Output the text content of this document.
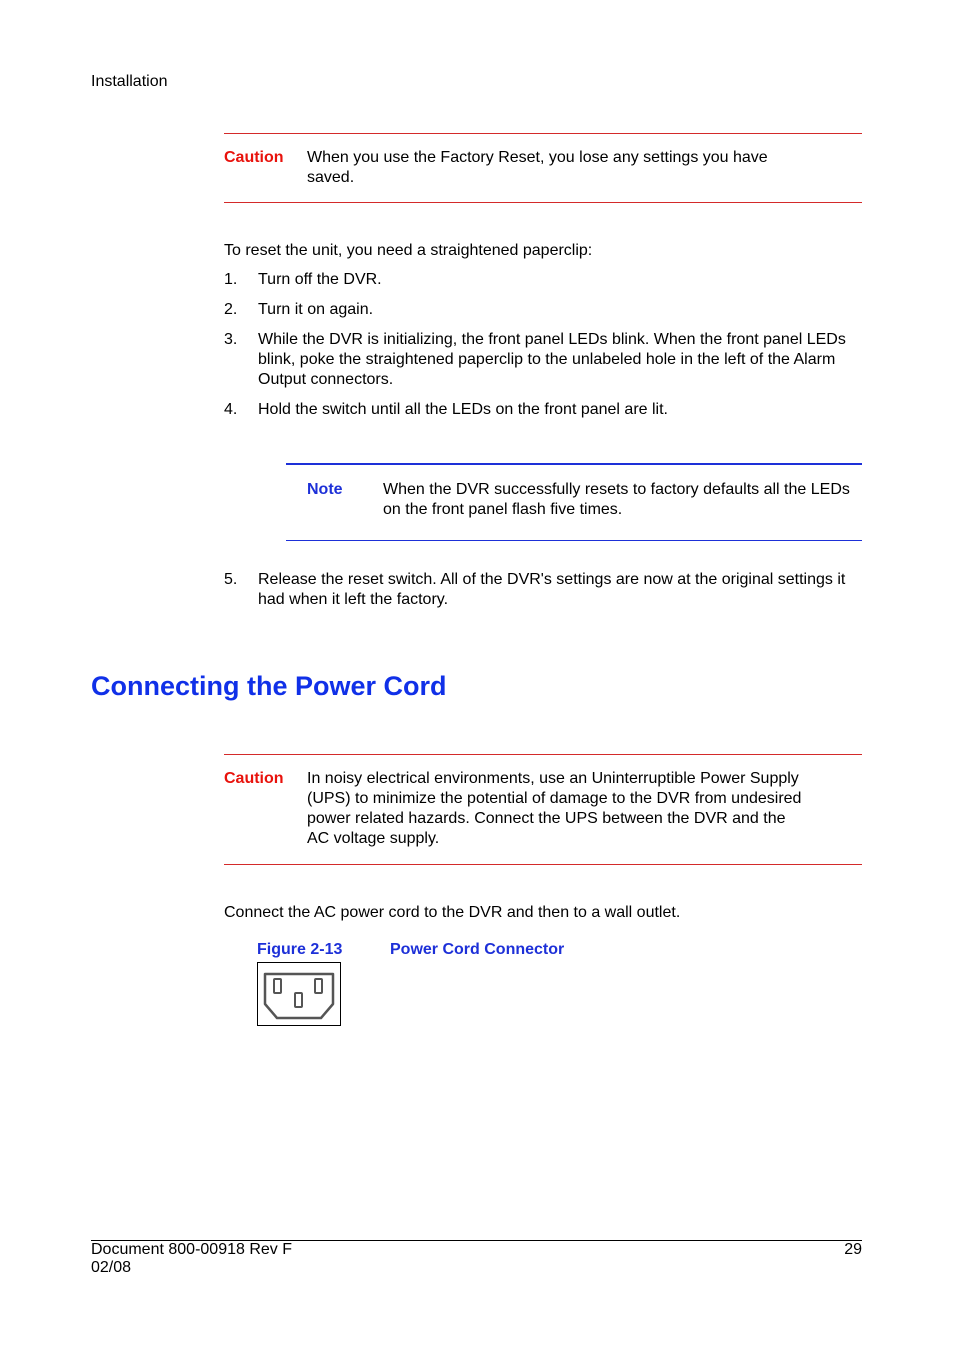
Installation
Caution When you use the Factory Reset, you lose any settings you have saved.
To reset the unit, you need a straightened paperclip:
1.	Turn off the DVR.
2.	Turn it on again.
3.	While the DVR is initializing, the front panel LEDs blink. When the front panel LEDs blink, poke the straightened paperclip to the unlabeled hole in the left of the Alarm Output connectors.
4.	Hold the switch until all the LEDs on the front panel are lit.
Note	When the DVR successfully resets to factory defaults all the LEDs on the front panel flash five times.
5.	Release the reset switch. All of the DVR's settings are now at the original settings it had when it left the factory.
Connecting the Power Cord
Caution In noisy electrical environments, use an Uninterruptible Power Supply (UPS) to minimize the potential of damage to the DVR from undesired power related hazards. Connect the UPS between the DVR and the AC voltage supply.
Connect the AC power cord to the DVR and then to a wall outlet.
Figure 2-13	Power Cord Connector
Document 800-00918 Rev F
02/08
29
